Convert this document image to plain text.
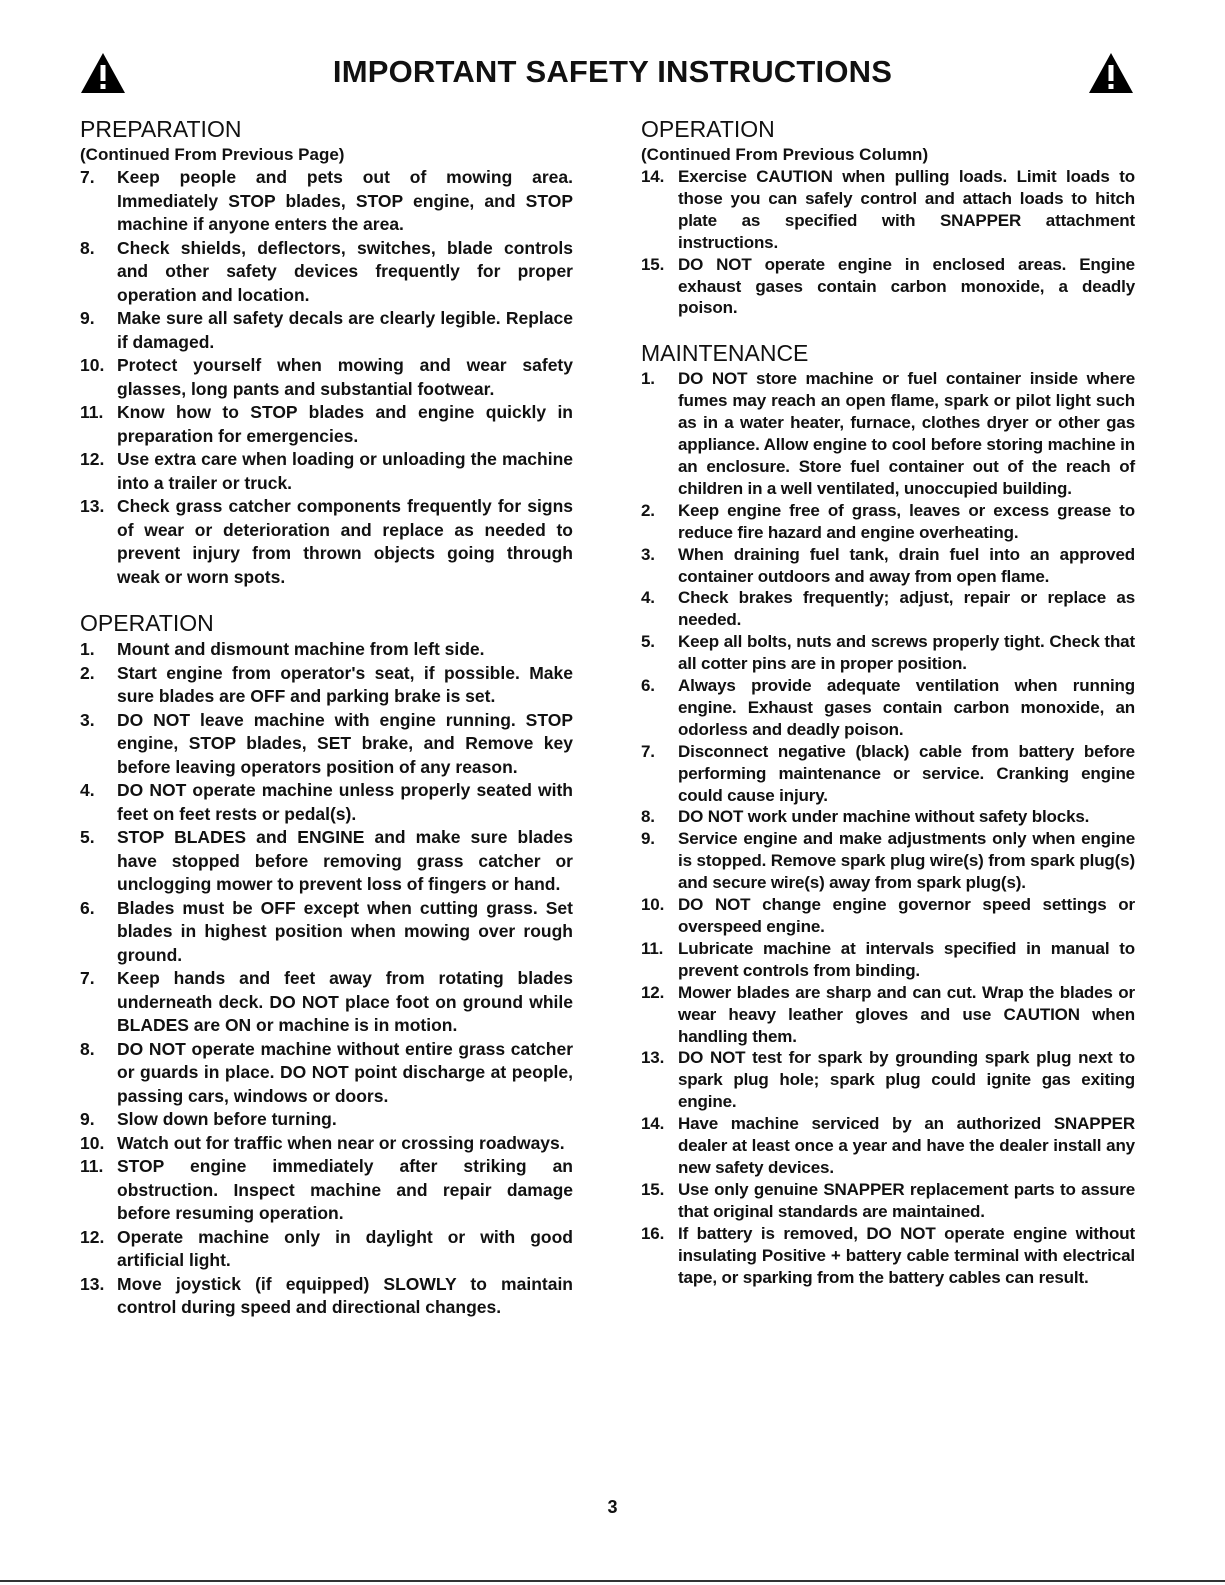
IMPORTANT SAFETY INSTRUCTIONS
PREPARATION
(Continued From Previous Page)
7. Keep people and pets out of mowing area. Immediately STOP blades, STOP engine, and STOP machine if anyone enters the area.
8. Check shields, deflectors, switches, blade controls and other safety devices frequently for proper operation and location.
9. Make sure all safety decals are clearly legible. Replace if damaged.
10. Protect yourself when mowing and wear safety glasses, long pants and substantial footwear.
11. Know how to STOP blades and engine quickly in preparation for emergencies.
12. Use extra care when loading or unloading the machine into a trailer or truck.
13. Check grass catcher components frequently for signs of wear or deterioration and replace as needed to prevent injury from thrown objects going through weak or worn spots.
OPERATION
1. Mount and dismount machine from left side.
2. Start engine from operator's seat, if possible. Make sure blades are OFF and parking brake is set.
3. DO NOT leave machine with engine running. STOP engine, STOP blades, SET brake, and Remove key before leaving operators position of any reason.
4. DO NOT operate machine unless properly seated with feet on feet rests or pedal(s).
5. STOP BLADES and ENGINE and make sure blades have stopped before removing grass catcher or unclogging mower to prevent loss of fingers or hand.
6. Blades must be OFF except when cutting grass. Set blades in highest position when mowing over rough ground.
7. Keep hands and feet away from rotating blades underneath deck. DO NOT place foot on ground while BLADES are ON or machine is in motion.
8. DO NOT operate machine without entire grass catcher or guards in place. DO NOT point discharge at people, passing cars, windows or doors.
9. Slow down before turning.
10. Watch out for traffic when near or crossing roadways.
11. STOP engine immediately after striking an obstruction. Inspect machine and repair damage before resuming operation.
12. Operate machine only in daylight or with good artificial light.
13. Move joystick (if equipped) SLOWLY to maintain control during speed and directional changes.
OPERATION
(Continued From Previous Column)
14. Exercise CAUTION when pulling loads. Limit loads to those you can safely control and attach loads to hitch plate as specified with SNAPPER attachment instructions.
15. DO NOT operate engine in enclosed areas. Engine exhaust gases contain carbon monoxide, a deadly poison.
MAINTENANCE
1. DO NOT store machine or fuel container inside where fumes may reach an open flame, spark or pilot light such as in a water heater, furnace, clothes dryer or other gas appliance. Allow engine to cool before storing machine in an enclosure. Store fuel container out of the reach of children in a well ventilated, unoccupied building.
2. Keep engine free of grass, leaves or excess grease to reduce fire hazard and engine overheating.
3. When draining fuel tank, drain fuel into an approved container outdoors and away from open flame.
4. Check brakes frequently; adjust, repair or replace as needed.
5. Keep all bolts, nuts and screws properly tight. Check that all cotter pins are in proper position.
6. Always provide adequate ventilation when running engine. Exhaust gases contain carbon monoxide, an odorless and deadly poison.
7. Disconnect negative (black) cable from battery before performing maintenance or service. Cranking engine could cause injury.
8. DO NOT work under machine without safety blocks.
9. Service engine and make adjustments only when engine is stopped. Remove spark plug wire(s) from spark plug(s) and secure wire(s) away from spark plug(s).
10. DO NOT change engine governor speed settings or overspeed engine.
11. Lubricate machine at intervals specified in manual to prevent controls from binding.
12. Mower blades are sharp and can cut. Wrap the blades or wear heavy leather gloves and use CAUTION when handling them.
13. DO NOT test for spark by grounding spark plug next to spark plug hole; spark plug could ignite gas exiting engine.
14. Have machine serviced by an authorized SNAPPER dealer at least once a year and have the dealer install any new safety devices.
15. Use only genuine SNAPPER replacement parts to assure that original standards are maintained.
16. If battery is removed, DO NOT operate engine without insulating Positive + battery cable terminal with electrical tape, or sparking from the battery cables can result.
3
